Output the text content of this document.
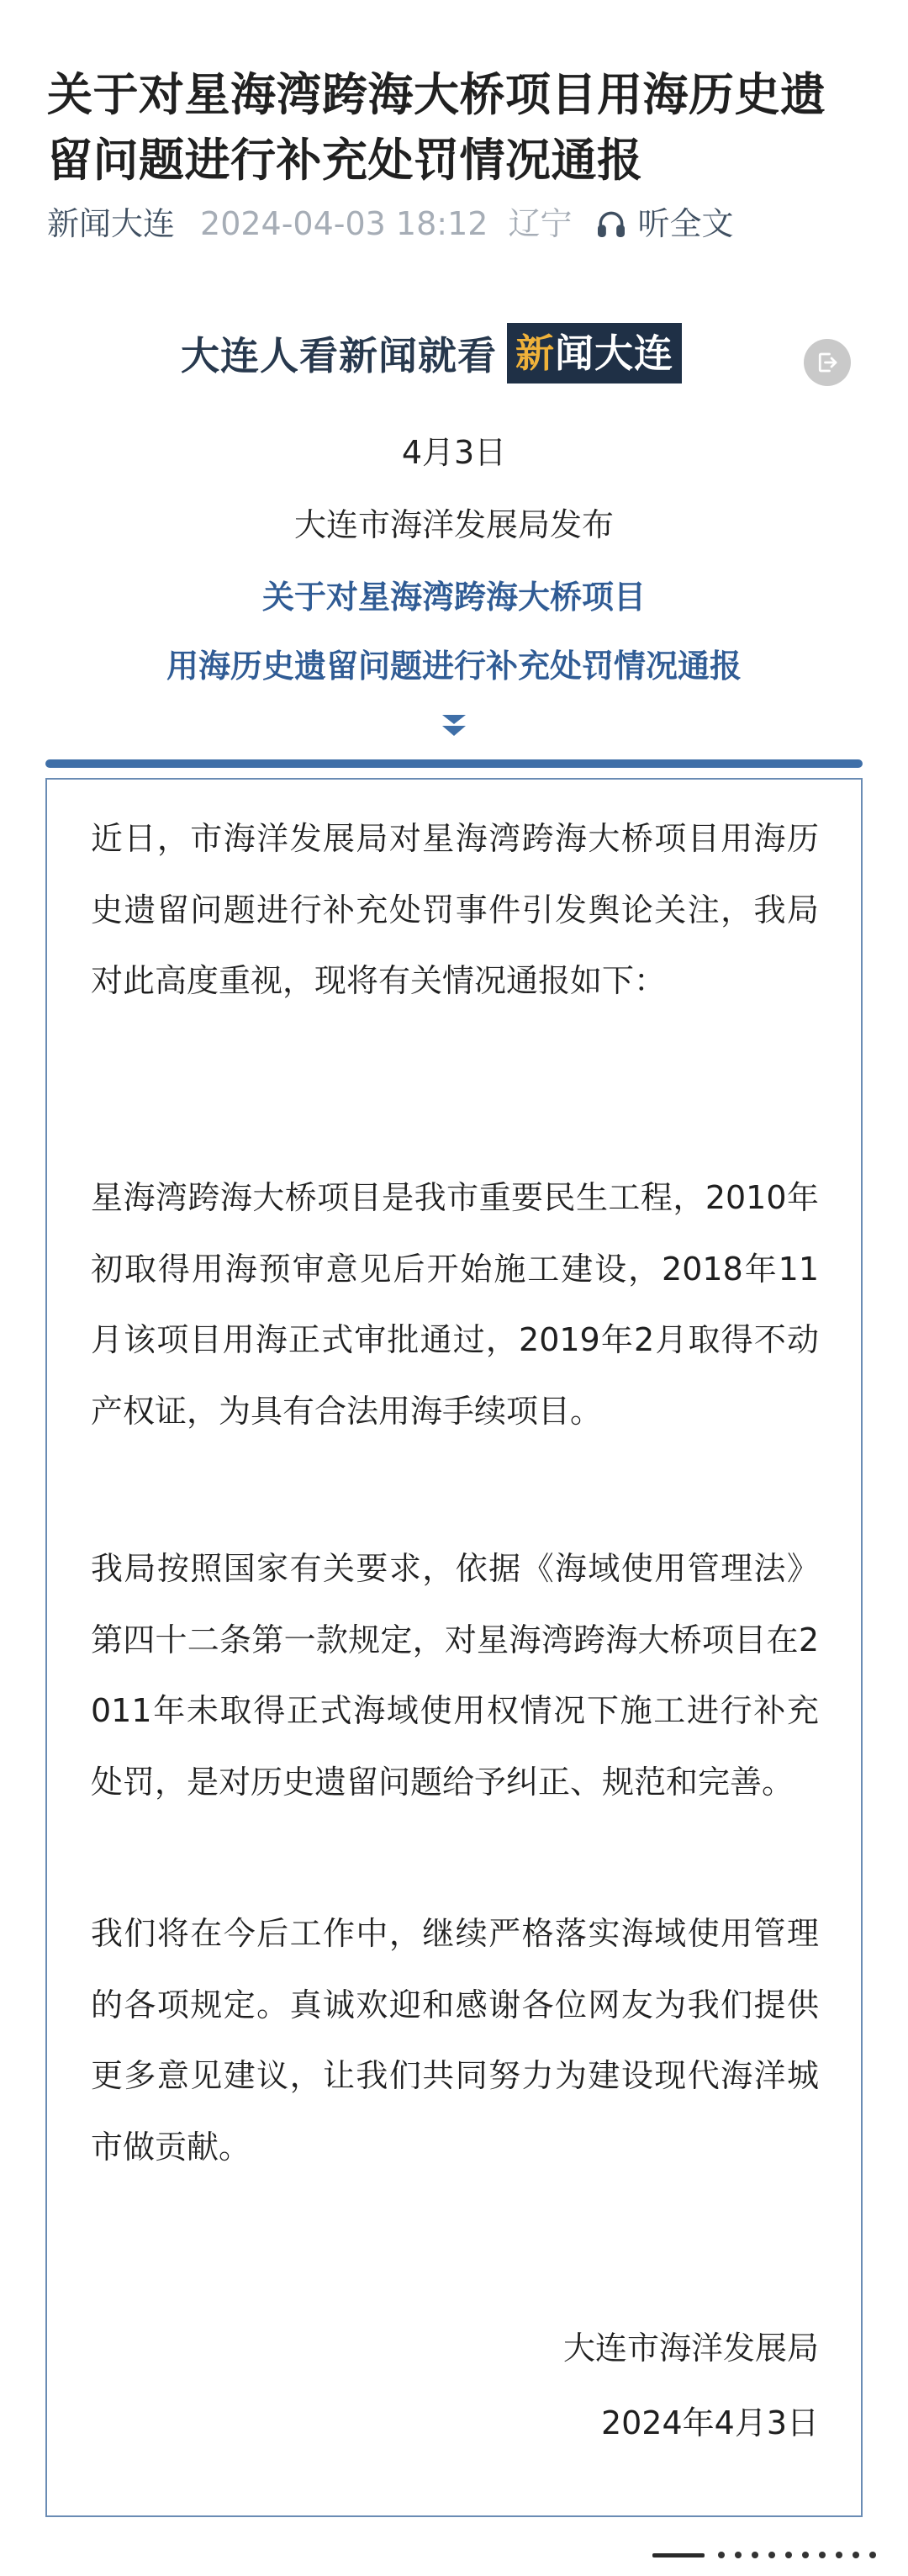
关于对星海湾跨海大桥项目用海历史遗留问题进行补充处罚情况通报
新闻大连 2024-04-03 18:12 辽宁 听全文
大连人看新闻就看 新闻大连
4月3日
大连市海洋发展局发布
关于对星海湾跨海大桥项目
用海历史遗留问题进行补充处罚情况通报

近日，市海洋发展局对星海湾跨海大桥项目用海历史遗留问题进行补充处罚事件引发舆论关注，我局对此高度重视，现将有关情况通报如下：

星海湾跨海大桥项目是我市重要民生工程，2010年初取得用海预审意见后开始施工建设，2018年11月该项目用海正式审批通过，2019年2月取得不动产权证，为具有合法用海手续项目。

我局按照国家有关要求，依据《海域使用管理法》第四十二条第一款规定，对星海湾跨海大桥项目在2011年未取得正式海域使用权情况下施工进行补充处罚，是对历史遗留问题给予纠正、规范和完善。

我们将在今后工作中，继续严格落实海域使用管理的各项规定。真诚欢迎和感谢各位网友为我们提供更多意见建议，让我们共同努力为建设现代海洋城市做贡献。

大连市海洋发展局
2024年4月3日
